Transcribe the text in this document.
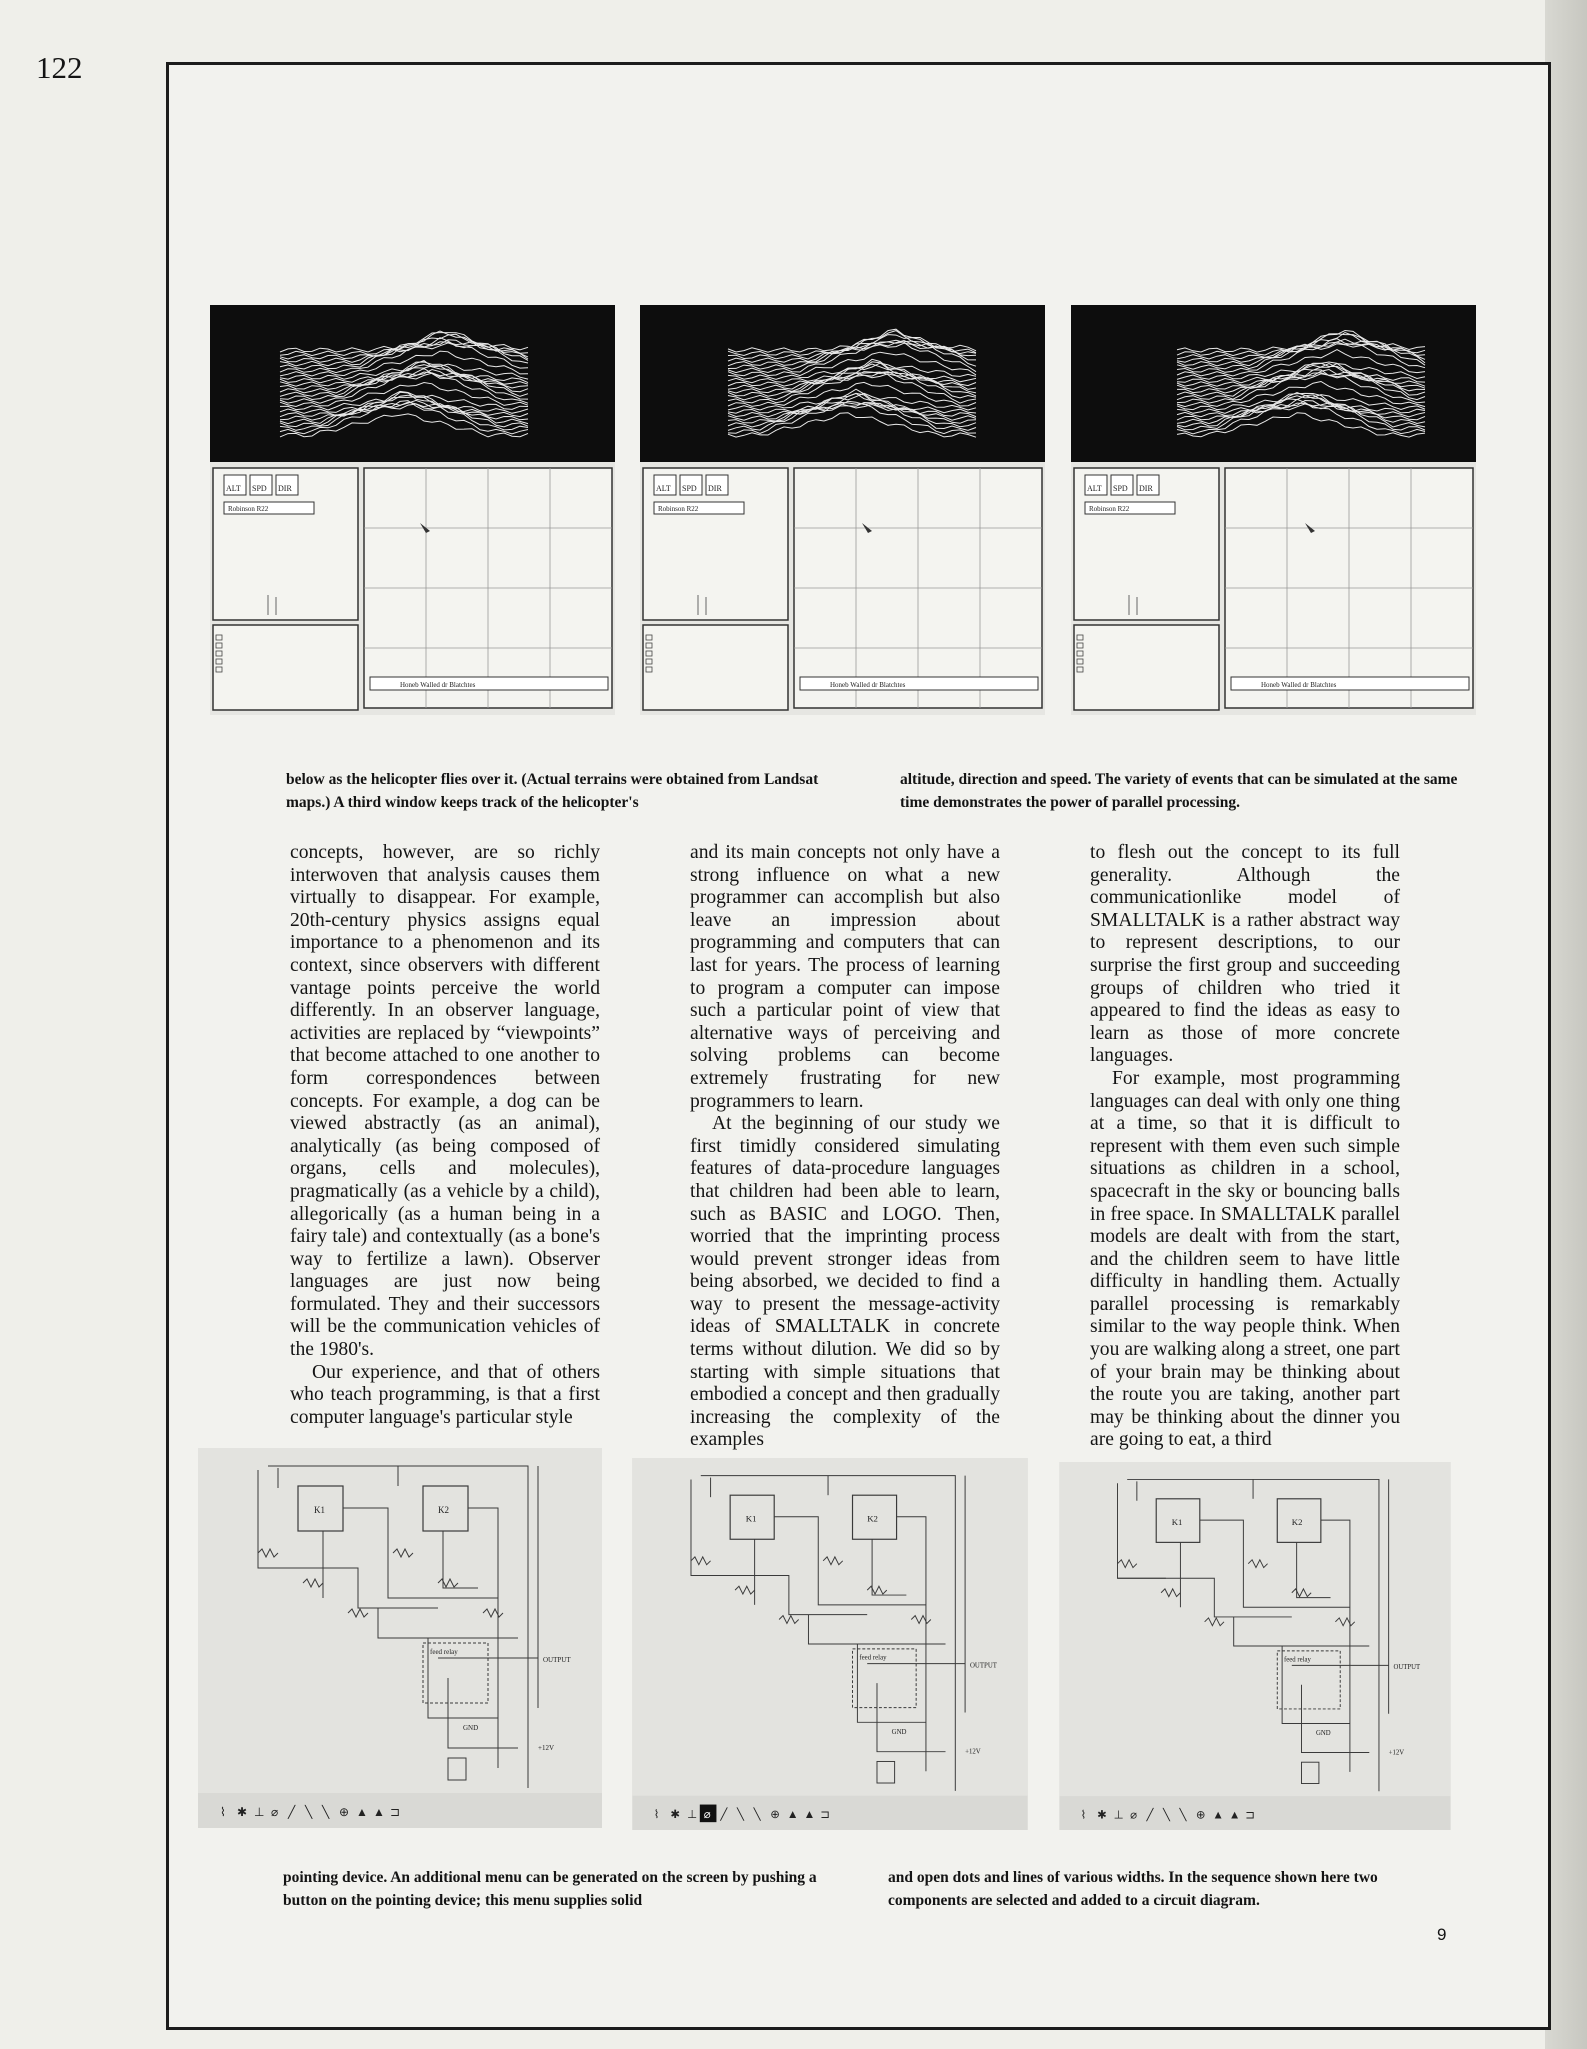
122
ALT SPD DIR
Robinson R22
Honeb Walled dr Blatchtes
ALT SPD DIR
Robinson R22
Honeb Walled dr Blatchtes
ALT SPD DIR
Robinson R22
Honeb Walled dr Blatchtes

below as the helicopter flies over it. (Actual terrains were obtained from Landsat maps.) A third window keeps track of the helicopter's

altitude, direction and speed. The variety of events that can be simulated at the same time demonstrates the power of parallel processing.

concepts, however, are so richly interwoven that analysis causes them virtually to disappear. For example, 20th-century physics assigns equal importance to a phenomenon and its context, since observers with different vantage points perceive the world differently. In an observer language, activities are replaced by “viewpoints” that become attached to one another to form correspondences between concepts. For example, a dog can be viewed abstractly (as an animal), analytically (as being composed of organs, cells and molecules), pragmatically (as a vehicle by a child), allegorically (as a human being in a fairy tale) and contextually (as a bone's way to fertilize a lawn). Observer languages are just now being formulated. They and their successors will be the communication vehicles of the 1980's.

Our experience, and that of others who teach programming, is that a first computer language's particular style

and its main concepts not only have a strong influence on what a new programmer can accomplish but also leave an impression about programming and computers that can last for years. The process of learning to program a computer can impose such a particular point of view that alternative ways of perceiving and solving problems can become extremely frustrating for new programmers to learn.

At the beginning of our study we first timidly considered simulating features of data-procedure languages that children had been able to learn, such as BASIC and LOGO. Then, worried that the imprinting process would prevent stronger ideas from being absorbed, we decided to find a way to present the message-activity ideas of SMALLTALK in concrete terms without dilution. We did so by starting with simple situations that embodied a concept and then gradually increasing the complexity of the examples

to flesh out the concept to its full generality. Although the communicationlike model of SMALLTALK is a rather abstract way to represent descriptions, to our surprise the first group and succeeding groups of children who tried it appeared to find the ideas as easy to learn as those of more concrete languages.

For example, most programming languages can deal with only one thing at a time, so that it is difficult to represent with them even such simple situations as children in a school, spacecraft in the sky or bouncing balls in free space. In SMALLTALK parallel models are dealt with from the start, and the children seem to have little difficulty in handling them. Actually parallel processing is remarkably similar to the way people think. When you are walking along a street, one part of your brain may be thinking about the route you are taking, another part may be thinking about the dinner you are going to eat, a third

K1	K2
feed relay
OUTPUT
GND
+12V
⌇ ✱ ⊥ ⌀ ╱ ╲ ╲ ⊕ ▲ ▲ ⊐
K1	K2
feed relay
OUTPUT
GND
+12V
⌇ ✱ ⊥ ⌀ ╱ ╲ ╲ ⊕ ▲ ▲ ⊐
K1	K2
feed relay
OUTPUT
GND
+12V
⌇ ✱ ⊥ ⌀ ╱ ╲ ╲ ⊕ ▲ ▲ ⊐

pointing device. An additional menu can be generated on the screen by pushing a button on the pointing device; this menu supplies solid

and open dots and lines of various widths. In the sequence shown here two components are selected and added to a circuit diagram.

9
